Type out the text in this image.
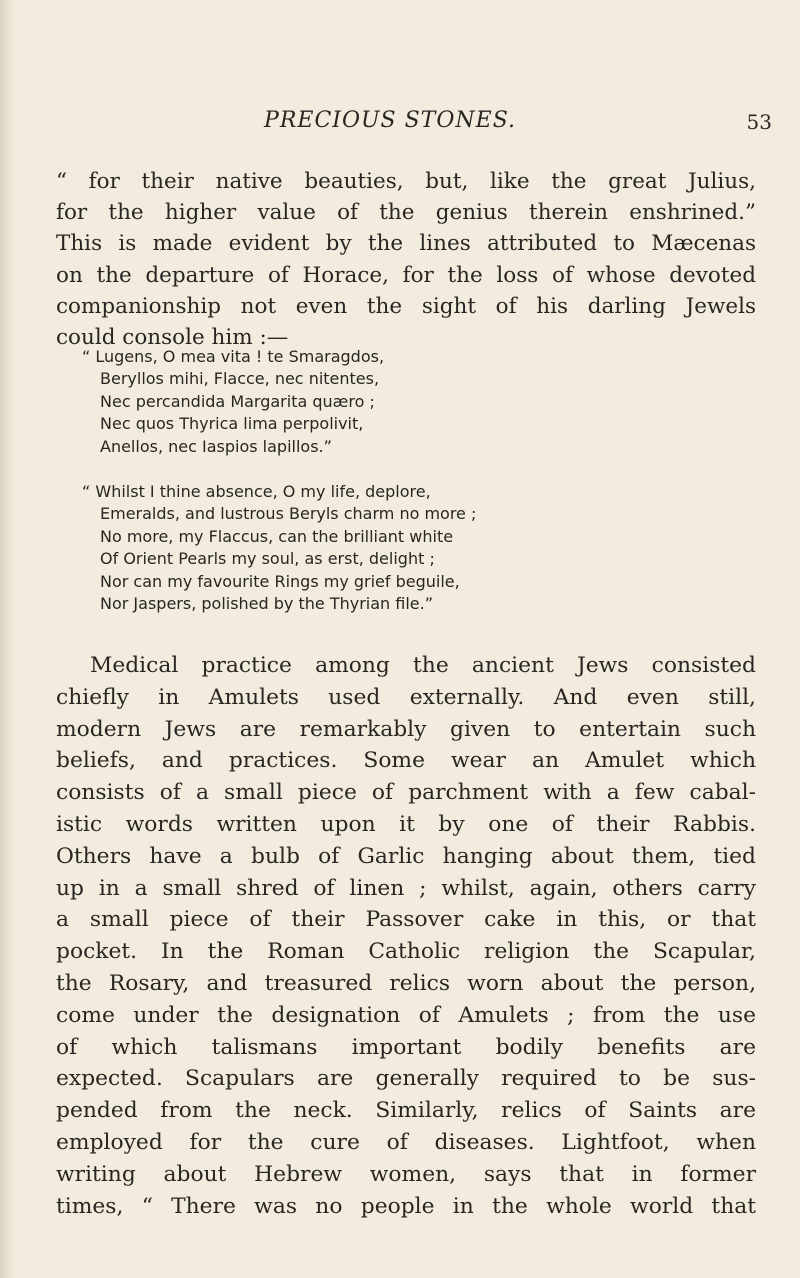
PRECIOUS STONES.	53

“ for their native beauties, but, like the great Julius,
for the higher value of the genius therein enshrined.”
This is made evident by the lines attributed to Mæcenas
on the departure of Horace, for the loss of whose devoted
companionship not even the sight of his darling Jewels
could console him :—

“ Lugens, O mea vita ! te Smaragdos,
Beryllos mihi, Flacce, nec nitentes,
Nec percandida Margarita quæro ;
Nec quos Thyrica lima perpolivit,
Anellos, nec Iaspios lapillos.”
“ Whilst I thine absence, O my life, deplore,
Emeralds, and lustrous Beryls charm no more ;
No more, my Flaccus, can the brilliant white
Of Orient Pearls my soul, as erst, delight ;
Nor can my favourite Rings my grief beguile,
Nor Jaspers, polished by the Thyrian file.”

Medical practice among the ancient Jews consisted
chiefly in Amulets used externally. And even still,
modern Jews are remarkably given to entertain such
beliefs, and practices. Some wear an Amulet which
consists of a small piece of parchment with a few cabal-
istic words written upon it by one of their Rabbis.
Others have a bulb of Garlic hanging about them, tied
up in a small shred of linen ; whilst, again, others carry
a small piece of their Passover cake in this, or that
pocket. In the Roman Catholic religion the Scapular,
the Rosary, and treasured relics worn about the person,
come under the designation of Amulets ; from the use
of which talismans important bodily benefits are
expected. Scapulars are generally required to be sus-
pended from the neck. Similarly, relics of Saints are
employed for the cure of diseases. Lightfoot, when
writing about Hebrew women, says that in former
times, “ There was no people in the whole world that
